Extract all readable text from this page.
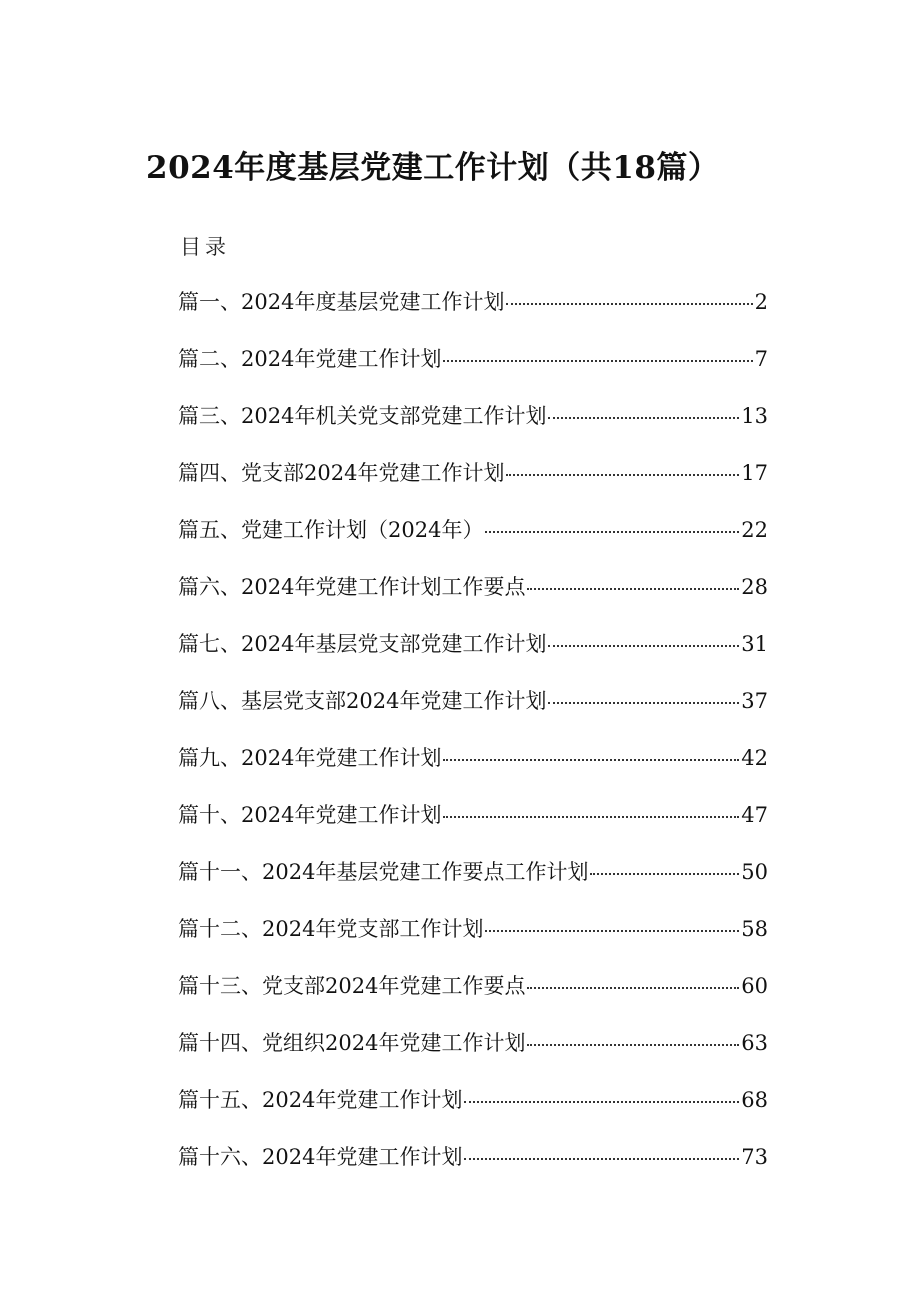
2024年度基层党建工作计划（共18篇）
目录
篇一、2024年度基层党建工作计划	2
篇二、2024年党建工作计划	7
篇三、2024年机关党支部党建工作计划	13
篇四、党支部2024年党建工作计划	17
篇五、党建工作计划（2024年）	22
篇六、2024年党建工作计划工作要点	28
篇七、2024年基层党支部党建工作计划	31
篇八、基层党支部2024年党建工作计划	37
篇九、2024年党建工作计划	42
篇十、2024年党建工作计划	47
篇十一、2024年基层党建工作要点工作计划	50
篇十二、2024年党支部工作计划	58
篇十三、党支部2024年党建工作要点	60
篇十四、党组织2024年党建工作计划	63
篇十五、2024年党建工作计划	68
篇十六、2024年党建工作计划	73
